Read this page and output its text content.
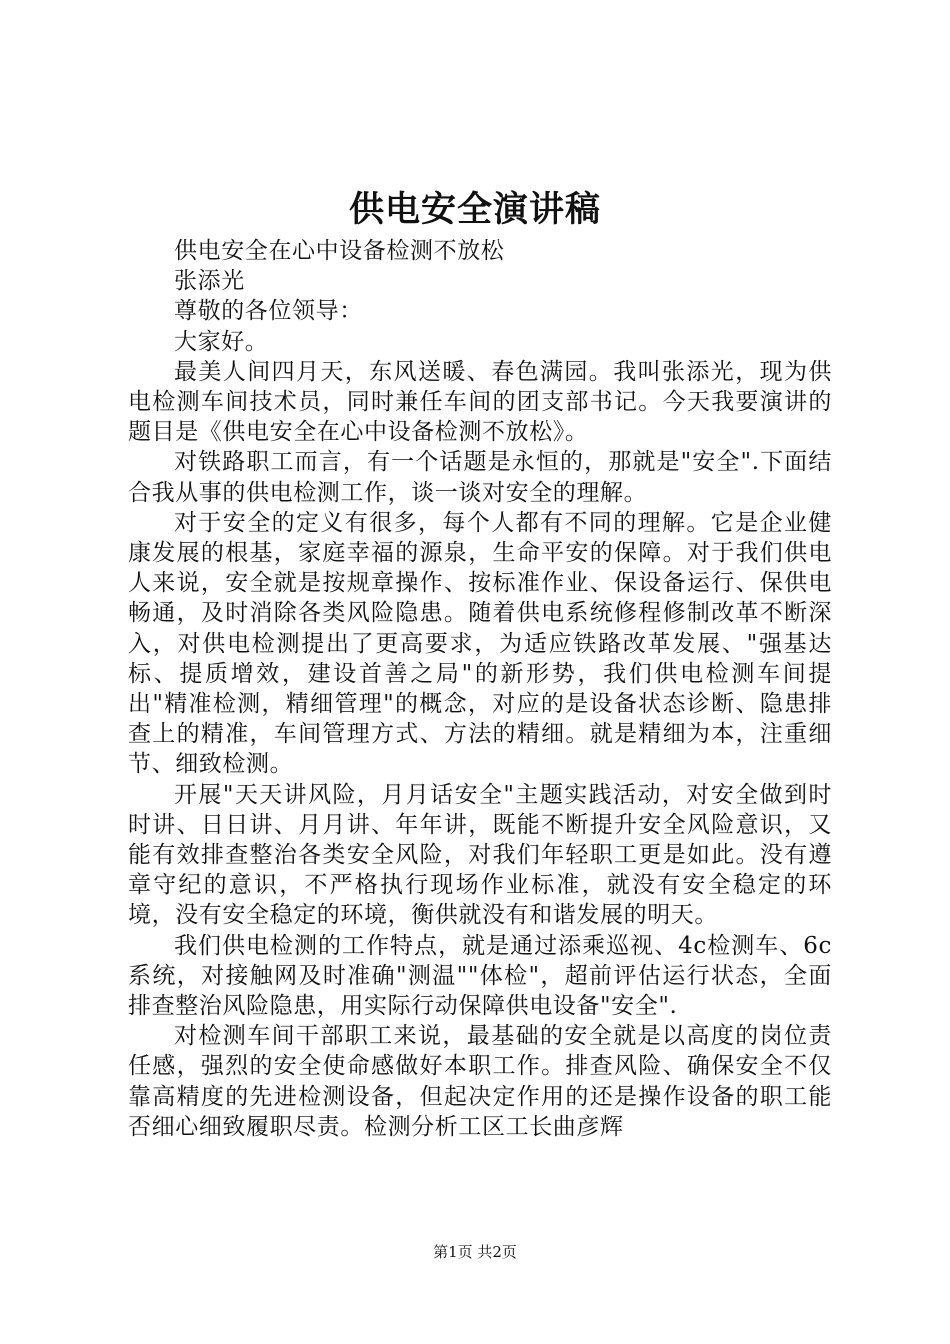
供电安全演讲稿

供电安全在心中设备检测不放松

张添光

尊敬的各位领导：

大家好。

最美人间四月天，东风送暖、春色满园。我叫张添光，现为供电检测车间技术员，同时兼任车间的团支部书记。今天我要演讲的题目是《供电安全在心中设备检测不放松》。

对铁路职工而言，有一个话题是永恒的，那就是"安全".下面结合我从事的供电检测工作，谈一谈对安全的理解。

对于安全的定义有很多，每个人都有不同的理解。它是企业健康发展的根基，家庭幸福的源泉，生命平安的保障。对于我们供电人来说，安全就是按规章操作、按标准作业、保设备运行、保供电畅通，及时消除各类风险隐患。随着供电系统修程修制改革不断深入，对供电检测提出了更高要求，为适应铁路改革发展、"强基达标、提质增效，建设首善之局"的新形势，我们供电检测车间提出"精准检测，精细管理"的概念，对应的是设备状态诊断、隐患排查上的精准，车间管理方式、方法的精细。就是精细为本，注重细节、细致检测。

开展"天天讲风险，月月话安全"主题实践活动，对安全做到时时讲、日日讲、月月讲、年年讲，既能不断提升安全风险意识，又能有效排查整治各类安全风险，对我们年轻职工更是如此。没有遵章守纪的意识，不严格执行现场作业标准，就没有安全稳定的环境，没有安全稳定的环境，衡供就没有和谐发展的明天。

我们供电检测的工作特点，就是通过添乘巡视、4c检测车、6c系统，对接触网及时准确"测温""体检"，超前评估运行状态，全面排查整治风险隐患，用实际行动保障供电设备"安全".

对检测车间干部职工来说，最基础的安全就是以高度的岗位责任感，强烈的安全使命感做好本职工作。排查风险、确保安全不仅靠高精度的先进检测设备，但起决定作用的还是操作设备的职工能否细心细致履职尽责。检测分析工区工长曲彦辉

第1页 共2页
